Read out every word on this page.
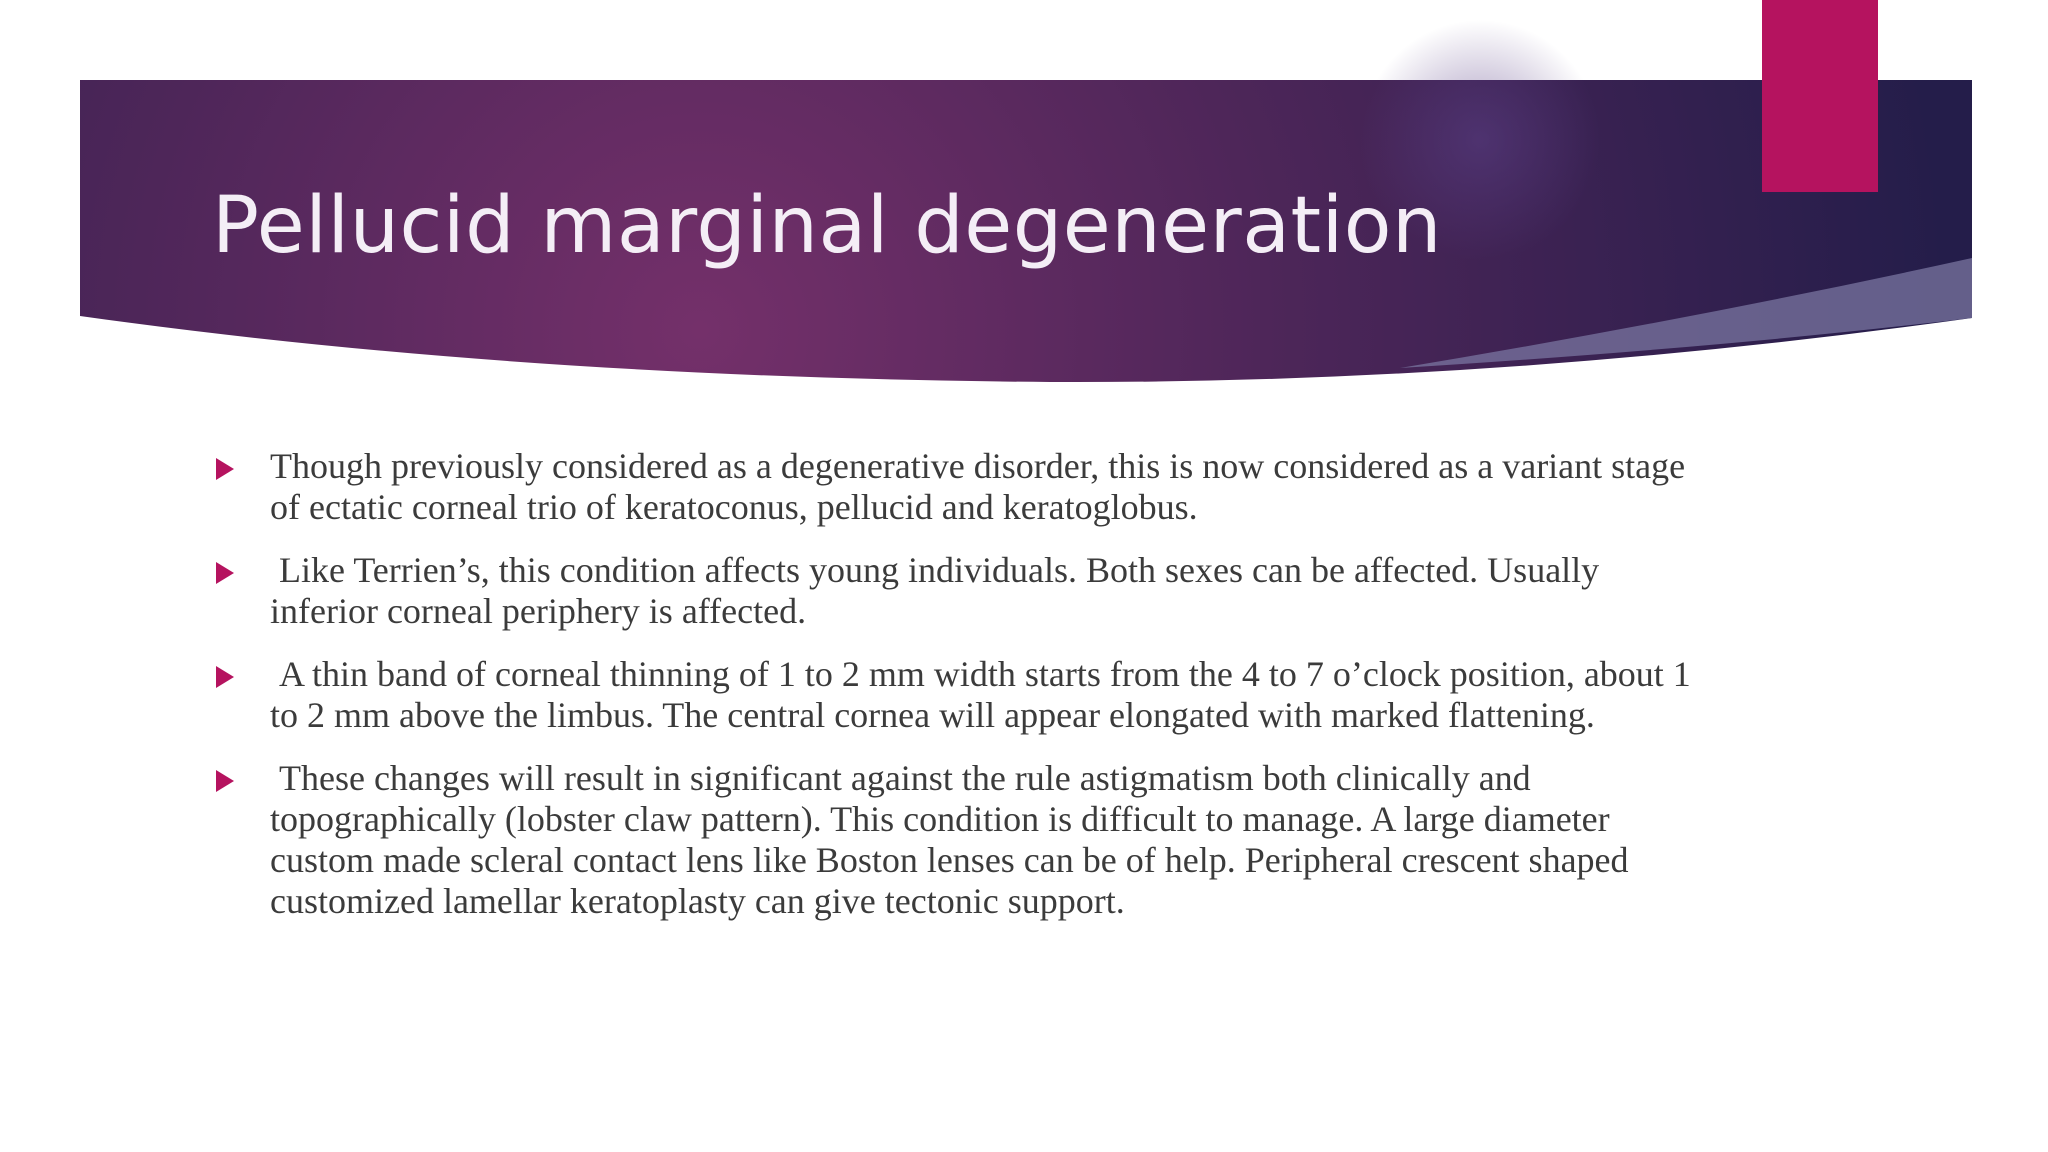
Pellucid marginal degeneration
Though previously considered as a degenerative disorder, this is now considered as a variant stage of ectatic corneal trio of keratoconus, pellucid and keratoglobus.
Like Terrien’s, this condition affects young individuals. Both sexes can be affected. Usually inferior corneal periphery is affected.
A thin band of corneal thinning of 1 to 2 mm width starts from the 4 to 7 o’clock position, about 1 to 2 mm above the limbus. The central cornea will appear elongated with marked flattening.
These changes will result in significant against the rule astigmatism both clinically and topographically (lobster claw pattern). This condition is difficult to manage. A large diameter custom made scleral contact lens like Boston lenses can be of help. Peripheral crescent shaped customized lamellar keratoplasty can give tectonic support.
